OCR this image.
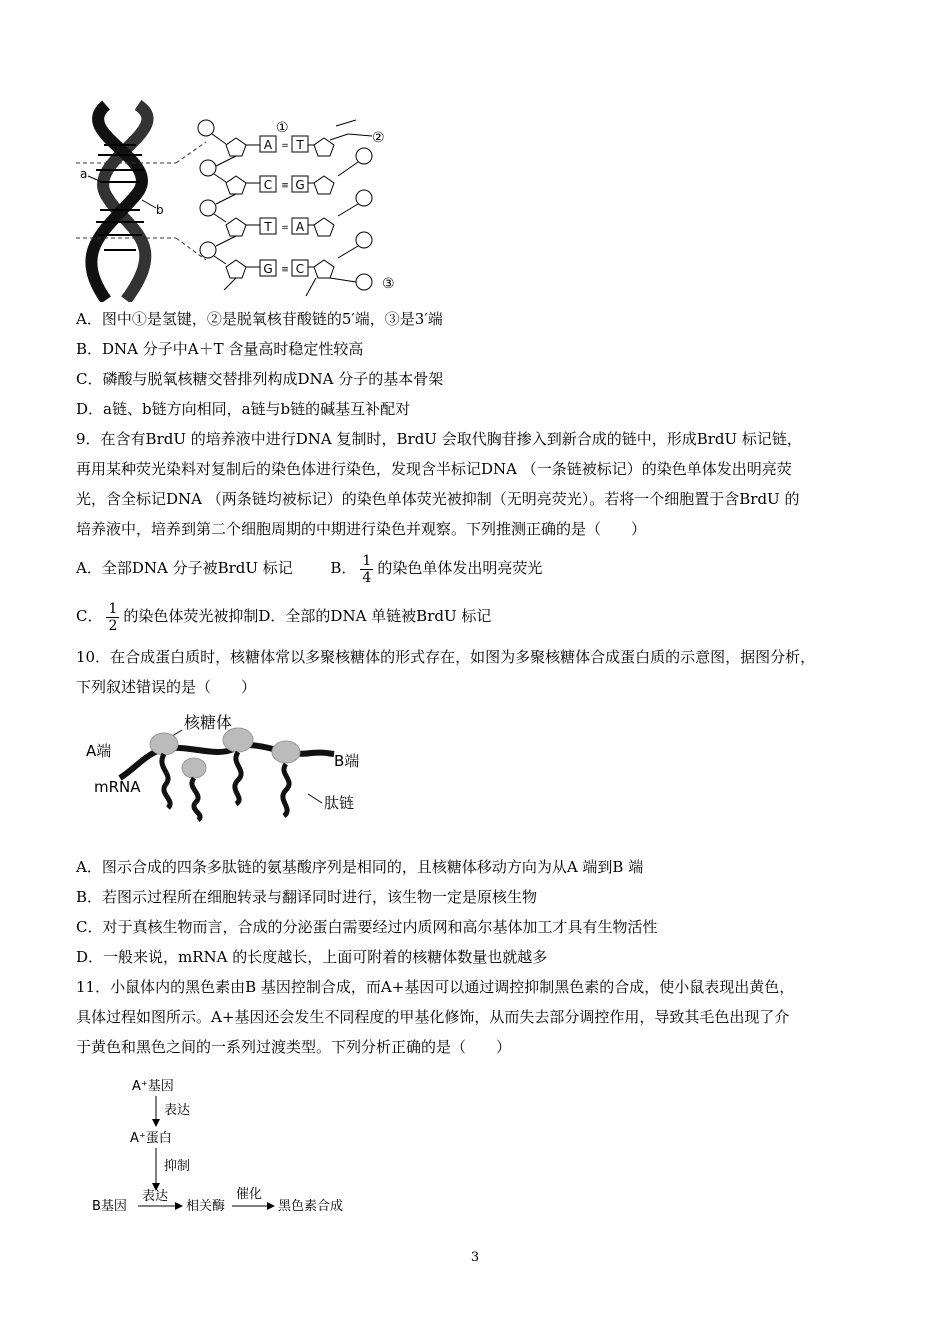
a
b
A = T
C ≡ G
T = A
G ≡ C
①
②
③
A．图中①是氢键，②是脱氧核苷酸链的5′端，③是3′端
B．DNA 分子中A＋T 含量高时稳定性较高
C．磷酸与脱氧核糖交替排列构成DNA 分子的基本骨架
D．a链、b链方向相同，a链与b链的碱基互补配对
9．在含有BrdU 的培养液中进行DNA 复制时，BrdU 会取代胸苷掺入到新合成的链中，形成BrdU 标记链，
再用某种荧光染料对复制后的染色体进行染色，发现含半标记DNA （一条链被标记）的染色单体发出明亮荧
光，含全标记DNA （两条链均被标记）的染色单体荧光被抑制（无明亮荧光）。若将一个细胞置于含BrdU 的
培养液中，培养到第二个细胞周期的中期进行染色并观察。下列推测正确的是（　　）
A．全部DNA 分子被BrdU 标记	B． $\frac{1}{4}$ 的染色单体发出明亮荧光
C． $\frac{1}{2}$ 的染色体荧光被抑制D．全部的DNA 单链被BrdU 标记
10．在合成蛋白质时，核糖体常以多聚核糖体的形式存在，如图为多聚核糖体合成蛋白质的示意图，据图分析，
下列叙述错误的是（　　）
核糖体
A端
mRNA
B端
肽链
A．图示合成的四条多肽链的氨基酸序列是相同的，且核糖体移动方向为从A 端到B 端
B．若图示过程所在细胞转录与翻译同时进行，该生物一定是原核生物
C．对于真核生物而言，合成的分泌蛋白需要经过内质网和高尔基体加工才具有生物活性
D．一般来说，mRNA 的长度越长，上面可附着的核糖体数量也就越多
11．小鼠体内的黑色素由B 基因控制合成，而A+基因可以通过调控抑制黑色素的合成，使小鼠表现出黄色，
具体过程如图所示。A+基因还会发生不同程度的甲基化修饰，从而失去部分调控作用，导致其毛色出现了介
于黄色和黑色之间的一系列过渡类型。下列分析正确的是（　　）
A⁺基因
表达
A⁺蛋白
抑制
B基因
表达
相关酶
催化
黑色素合成
3
